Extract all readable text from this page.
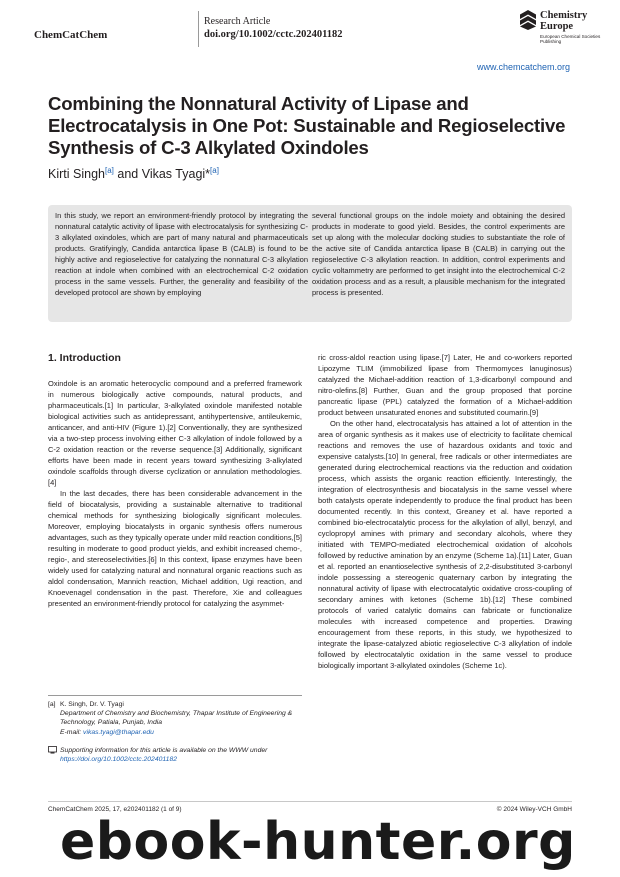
ChemCatChem
Research Article
doi.org/10.1002/cctc.202401182
Chemistry
Europe
European Chemical Societies Publishing
www.chemcatchem.org
Combining the Nonnatural Activity of Lipase and Electrocatalysis in One Pot: Sustainable and Regioselective Synthesis of C-3 Alkylated Oxindoles
Kirti Singh[a] and Vikas Tyagi*[a]
In this study, we report an environment-friendly protocol by integrating the nonnatural catalytic activity of lipase with electrocatalysis for synthesizing C-3 alkylated oxindoles, which are part of many natural and pharmaceuticals products. Gratifyingly, Candida antarctica lipase B (CALB) is found to be highly active and regioselective for catalyzing the nonnatural C-3 alkylation reaction at indole when combined with an electrochemical C-2 oxidation process in the same vessels. Further, the generality and feasibility of the developed protocol are shown by employing
several functional groups on the indole moiety and obtaining the desired products in moderate to good yield. Besides, the control experiments are set up along with the molecular docking studies to substantiate the role of the active site of Candida antarctica lipase B (CALB) in carrying out the regioselective C-3 alkylation reaction. In addition, control experiments and cyclic voltammetry are performed to get insight into the electrochemical C-2 oxidation process and as a result, a plausible mechanism for the integrated process is presented.
1. Introduction

Oxindole is an aromatic heterocyclic compound and a preferred framework in numerous biologically active compounds, natural products, and pharmaceuticals.[1] In particular, 3-alkylated oxindole manifested notable biological activities such as antidepressant, antihypertensive, antileukemic, anticancer, and anti-HIV (Figure 1).[2] Conventionally, they are synthesized via a two-step process involving either C-3 alkylation of indole followed by a C-2 oxidation reaction or the reverse sequence.[3] Additionally, significant efforts have been made in recent years toward synthesizing 3-alkylated oxindole scaffolds through diverse cyclization or annulation methodologies.[4]

In the last decades, there has been considerable advancement in the field of biocatalysis, providing a sustainable alternative to traditional chemical methods for synthesizing biologically significant molecules. Moreover, employing biocatalysts in organic synthesis offers numerous advantages, such as they typically operate under mild reaction conditions,[5] resulting in moderate to good product yields, and exhibit increased chemo-, regio-, and stereoselectivities.[6] In this context, lipase enzymes have been widely used for catalyzing natural and nonnatural organic reactions such as aldol condensation, Mannich reaction, Michael addition, Ugi reaction, and Knoevenagel condensation in the past. Therefore, Xie and colleagues presented an environment-friendly protocol for catalyzing the asymmet-

ric cross-aldol reaction using lipase.[7] Later, He and co-workers reported Lipozyme TLIM (immobilized lipase from Thermomyces lanuginosus) catalyzed the Michael-addition reaction of 1,3-dicarbonyl compound and nitro-olefins.[8] Further, Guan and the group proposed that porcine pancreatic lipase (PPL) catalyzed the formation of a Michael-addition product between unsaturated enones and substituted coumarin.[9]

On the other hand, electrocatalysis has attained a lot of attention in the area of organic synthesis as it makes use of electricity to facilitate chemical reactions and removes the use of hazardous oxidants and toxic and expensive catalysts.[10] In general, free radicals or other intermediates are generated during electrochemical reactions via the reduction and oxidation process, which assists the organic reaction efficiently. Interestingly, the integration of electrosynthesis and biocatalysis in the same vessel where both catalysts operate independently to produce the final product has been documented recently. In this context, Greaney et al. have reported a combined bio-electrocatalytic process for the alkylation of allyl, benzyl, and cyclopropyl amines with primary and secondary alcohols, where they initiated with TEMPO-mediated electrochemical oxidation of alcohols followed by reductive amination by an enzyme (Scheme 1a).[11] Later, Guan et al. reported an enantioselective synthesis of 2,2-disubstituted 3-carbonyl indole possessing a stereogenic quaternary carbon by integrating the nonnatural activity of lipase with electrocatalytic oxidative cross-coupling of secondary amines with ketones (Scheme 1b).[12] These combined protocols of varied catalytic domains can fabricate or functionalize molecules with increased competence and properties. Drawing encouragement from these reports, in this study, we hypothesized to integrate the lipase-catalyzed abiotic regioselective C-3 alkylation of indole followed by electrocatalytic oxidation in the same vessel to produce biologically important 3-alkylated oxindoles (Scheme 1c).

[a] K. Singh, Dr. V. Tyagi
Department of Chemistry and Biochemistry, Thapar Institute of Engineering & Technology, Patiala, Punjab, India
E-mail: vikas.tyagi@thapar.edu
Supporting information for this article is available on the WWW under
https://doi.org/10.1002/cctc.202401182
ChemCatChem 2025, 17, e202401182 (1 of 9)	© 2024 Wiley-VCH GmbH
ebook-hunter.org
